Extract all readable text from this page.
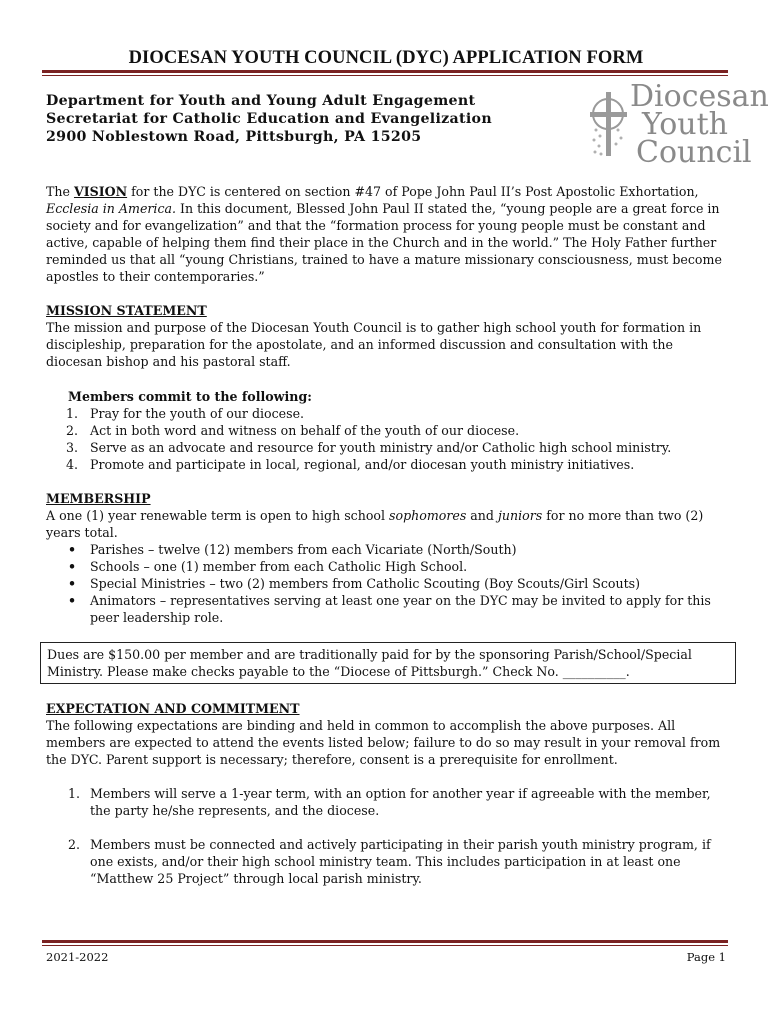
DIOCESAN YOUTH COUNCIL (DYC) APPLICATION FORM
Department for Youth and Young Adult Engagement
Secretariat for Catholic Education and Evangelization
2900 Noblestown Road, Pittsburgh, PA 15205
Diocesan
Youth
Council
The VISION for the DYC is centered on section #47 of Pope John Paul II’s Post Apostolic Exhortation, Ecclesia in America. In this document, Blessed John Paul II stated the, “young people are a great force in society and for evangelization” and that the “formation process for young people must be constant and active, capable of helping them find their place in the Church and in the world.” The Holy Father further reminded us that all “young Christians, trained to have a mature missionary consciousness, must become apostles to their contemporaries.”
MISSION STATEMENT
The mission and purpose of the Diocesan Youth Council is to gather high school youth for formation in discipleship, preparation for the apostolate, and an informed discussion and consultation with the diocesan bishop and his pastoral staff.
Members commit to the following:
1. Pray for the youth of our diocese.
2. Act in both word and witness on behalf of the youth of our diocese.
3. Serve as an advocate and resource for youth ministry and/or Catholic high school ministry.
4. Promote and participate in local, regional, and/or diocesan youth ministry initiatives.
MEMBERSHIP
A one (1) year renewable term is open to high school sophomores and juniors for no more than two (2) years total.
• Parishes – twelve (12) members from each Vicariate (North/South)
• Schools – one (1) member from each Catholic High School.
• Special Ministries – two (2) members from Catholic Scouting (Boy Scouts/Girl Scouts)
• Animators – representatives serving at least one year on the DYC may be invited to apply for this peer leadership role.
Dues are $150.00 per member and are traditionally paid for by the sponsoring Parish/School/Special Ministry. Please make checks payable to the “Diocese of Pittsburgh.” Check No. __________.
EXPECTATION AND COMMITMENT
The following expectations are binding and held in common to accomplish the above purposes. All members are expected to attend the events listed below; failure to do so may result in your removal from the DYC. Parent support is necessary; therefore, consent is a prerequisite for enrollment.
1. Members will serve a 1-year term, with an option for another year if agreeable with the member, the party he/she represents, and the diocese.
2. Members must be connected and actively participating in their parish youth ministry program, if one exists, and/or their high school ministry team. This includes participation in at least one “Matthew 25 Project” through local parish ministry.
2021-2022	Page 1
